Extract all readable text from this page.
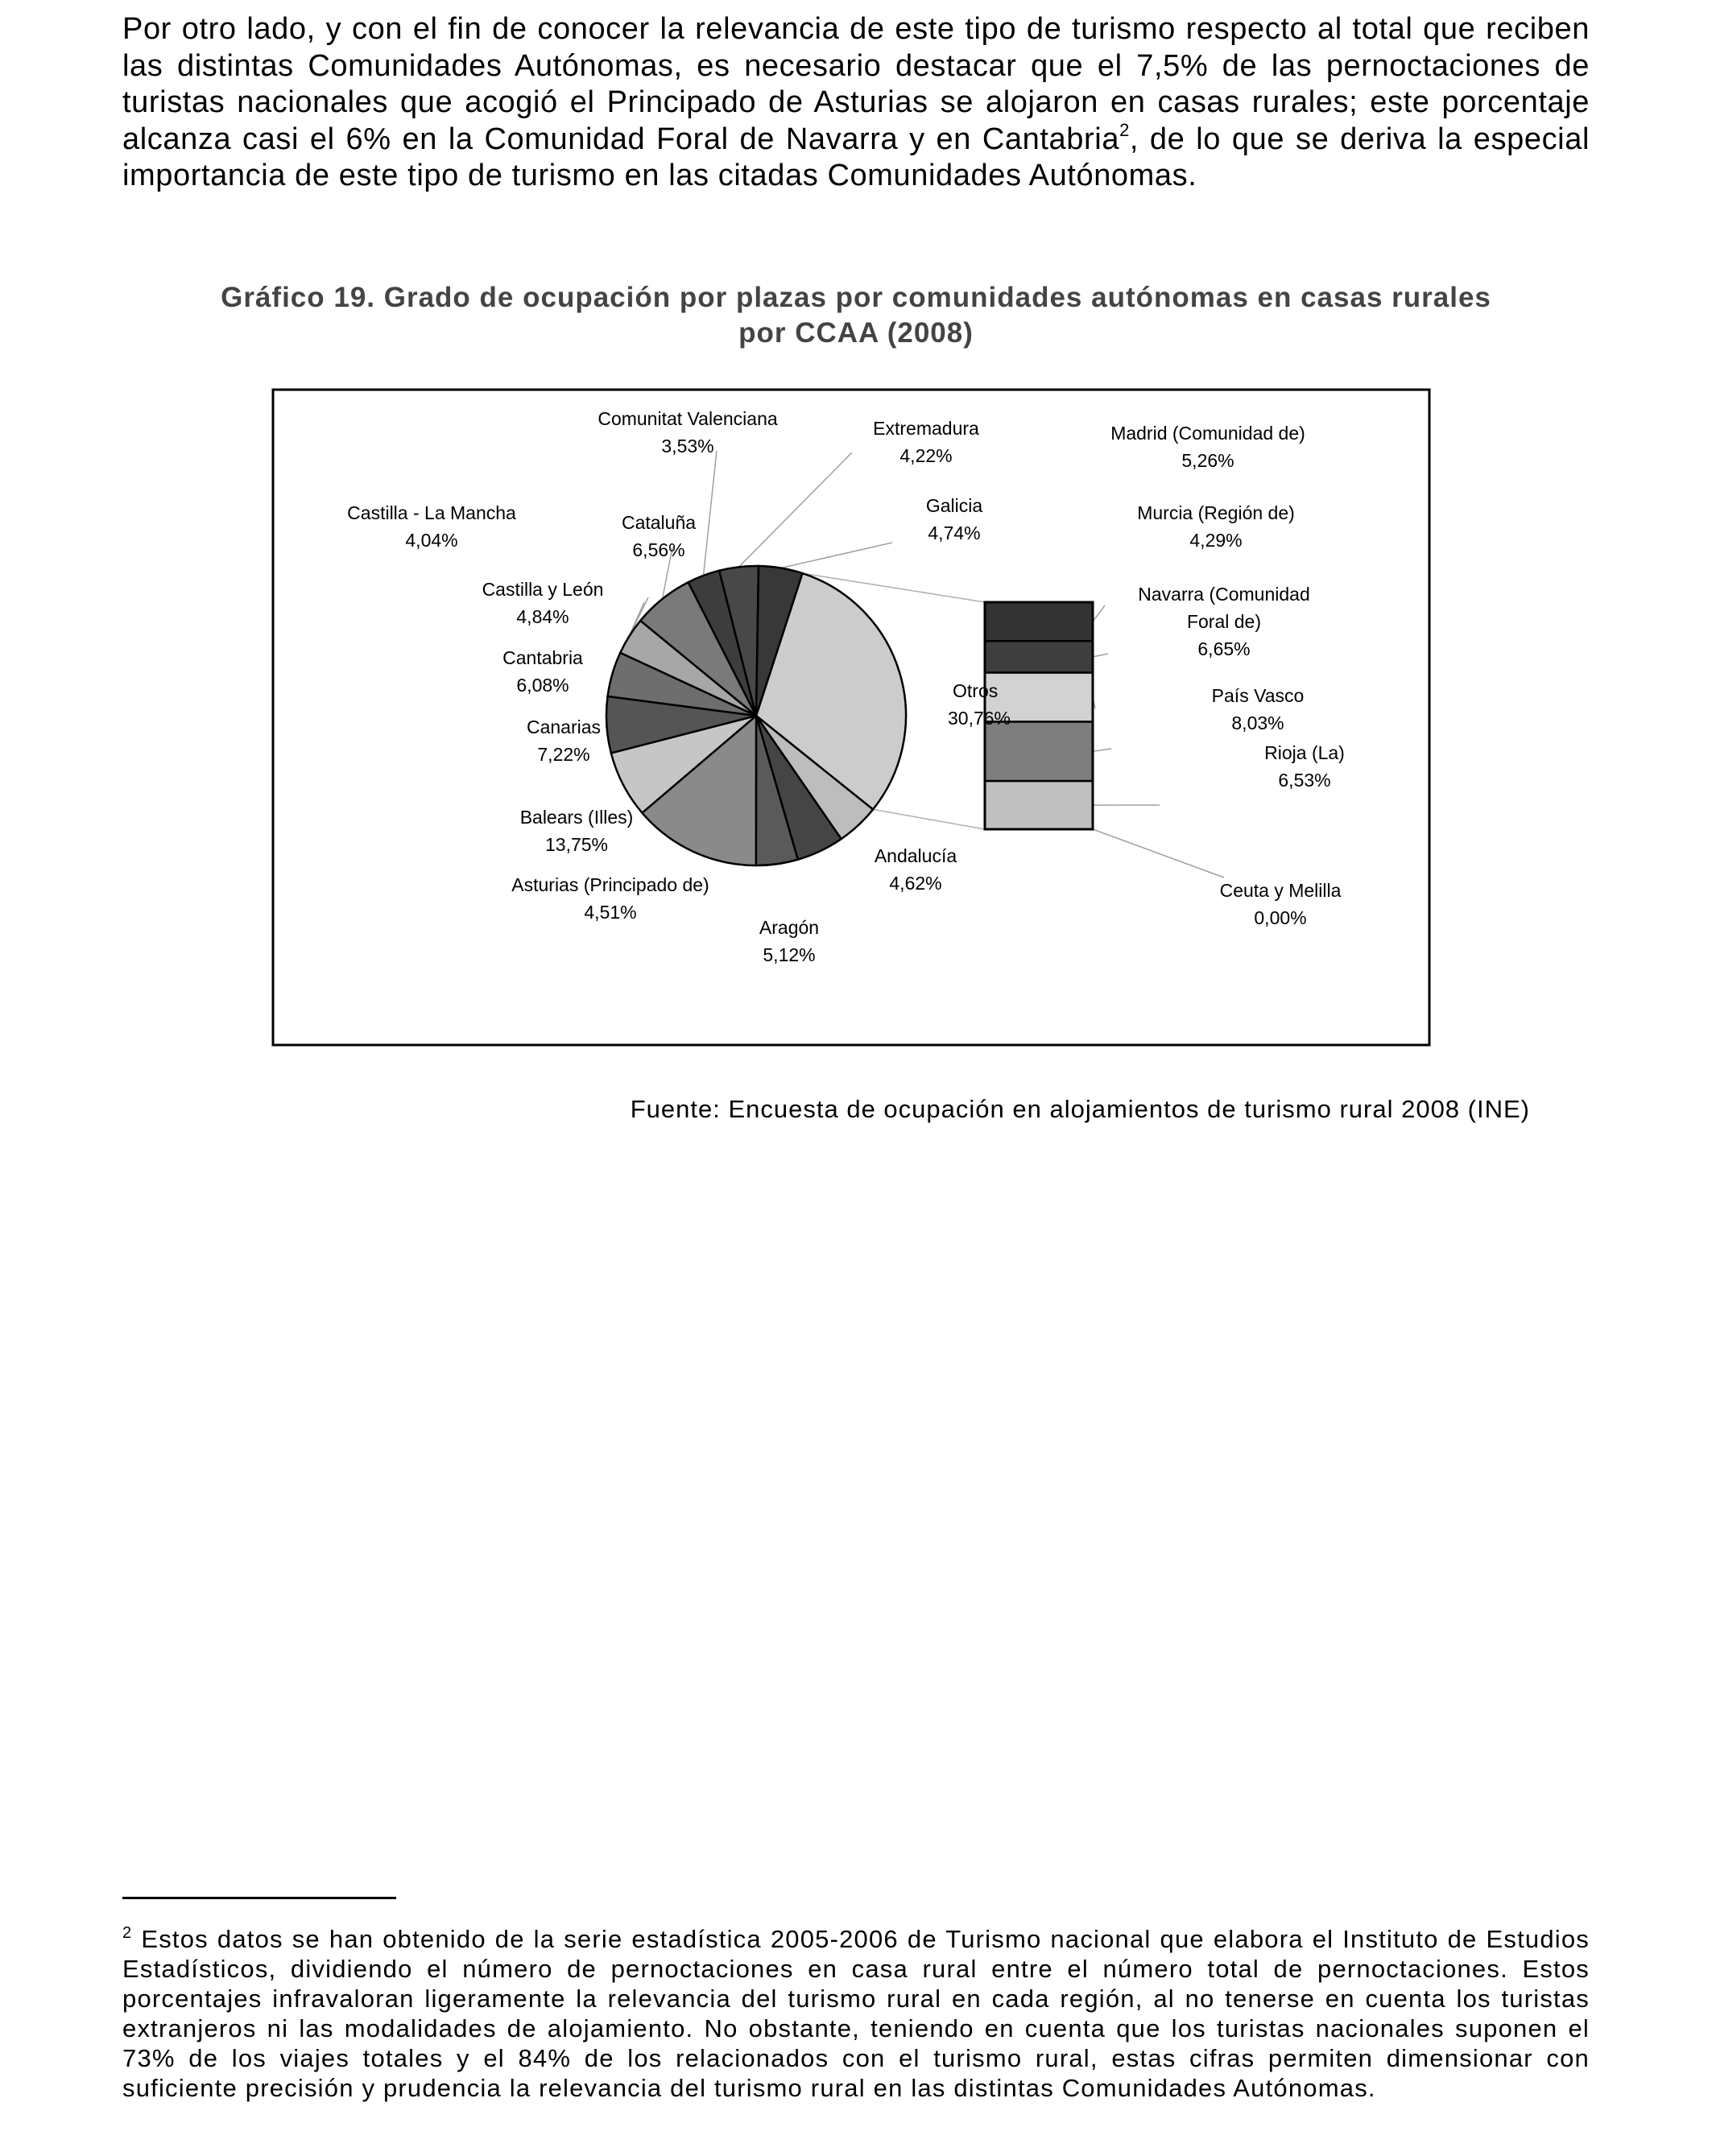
Por otro lado, y con el fin de conocer la relevancia de este tipo de turismo respecto al total que reciben las distintas Comunidades Autónomas, es necesario destacar que el 7,5% de las pernoctaciones de turistas nacionales que acogió el Principado de Asturias se alojaron en casas rurales; este porcentaje alcanza casi el 6% en la Comunidad Foral de Navarra y en Cantabria$^2$, de lo que se deriva la especial importancia de este tipo de turismo en las citadas Comunidades Autónomas.
Gráfico 19. Grado de ocupación por plazas por comunidades autónomas en casas rurales
por CCAA (2008)
Otros
30,76%
Andalucía
4,62%
Aragón
5,12%
Asturias (Principado de)
4,51%
Balears (Illes)
13,75%
Canarias
7,22%
Cantabria
6,08%
Castilla y León
4,84%
Castilla - La Mancha
4,04%
Cataluña
6,56%
Comunitat Valenciana
3,53%
Extremadura
4,22%
Galicia
4,74%
Madrid (Comunidad de)
5,26%
Murcia (Región de)
4,29%
Navarra (Comunidad
Foral de)
6,65%
País Vasco
8,03%
Rioja (La)
6,53%
Ceuta y Melilla
0,00%
Fuente: Encuesta de ocupación en alojamientos de turismo rural 2008 (INE)
$^2$ Estos datos se han obtenido de la serie estadística 2005-2006 de Turismo nacional que elabora el Instituto de Estudios Estadísticos, dividiendo el número de pernoctaciones en casa rural entre el número total de pernoctaciones. Estos porcentajes infravaloran ligeramente la relevancia del turismo rural en cada región, al no tenerse en cuenta los turistas extranjeros ni las modalidades de alojamiento. No obstante, teniendo en cuenta que los turistas nacionales suponen el 73% de los viajes totales y el 84% de los relacionados con el turismo rural, estas cifras permiten dimensionar con suficiente precisión y prudencia la relevancia del turismo rural en las distintas Comunidades Autónomas.
